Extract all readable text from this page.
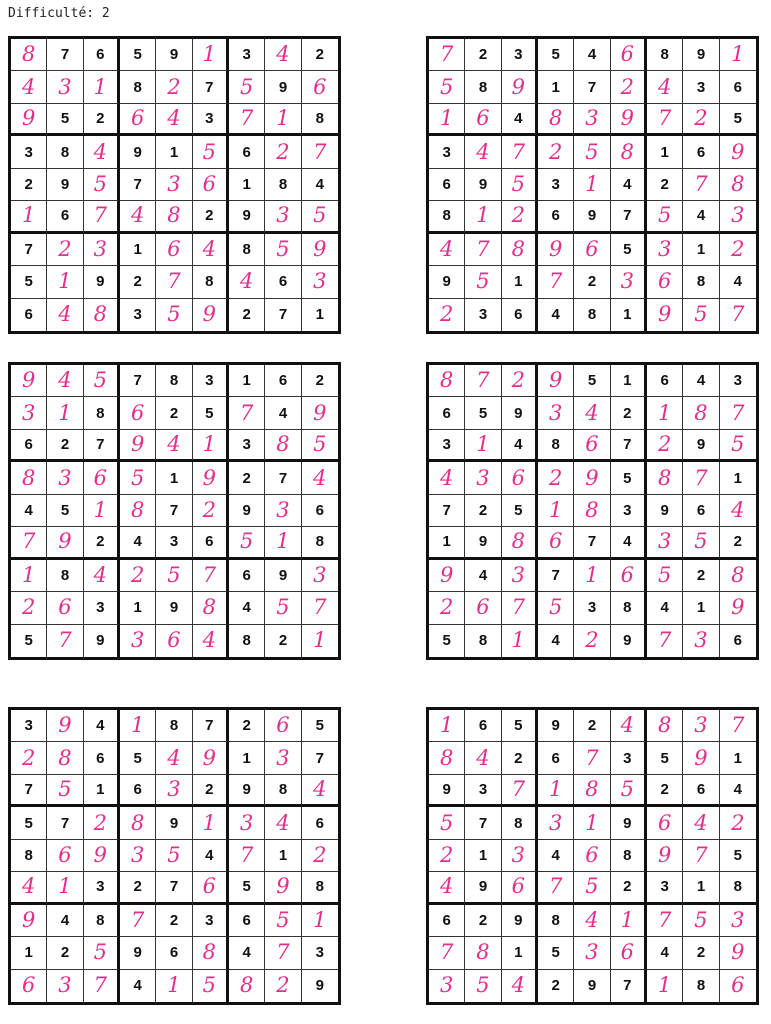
Difficulté: 2
8	7	6	5	9	1	3	4	2
4	3	1	8	2	7	5	9	6
9	5	2	6	4	3	7	1	8
3	8	4	9	1	5	6	2	7
2	9	5	7	3	6	1	8	4
1	6	7	4	8	2	9	3	5
7	2	3	1	6	4	8	5	9
5	1	9	2	7	8	4	6	3
6	4	8	3	5	9	2	7	1
7	2	3	5	4	6	8	9	1
5	8	9	1	7	2	4	3	6
1	6	4	8	3	9	7	2	5
3	4	7	2	5	8	1	6	9
6	9	5	3	1	4	2	7	8
8	1	2	6	9	7	5	4	3
4	7	8	9	6	5	3	1	2
9	5	1	7	2	3	6	8	4
2	3	6	4	8	1	9	5	7
9	4	5	7	8	3	1	6	2
3	1	8	6	2	5	7	4	9
6	2	7	9	4	1	3	8	5
8	3	6	5	1	9	2	7	4
4	5	1	8	7	2	9	3	6
7	9	2	4	3	6	5	1	8
1	8	4	2	5	7	6	9	3
2	6	3	1	9	8	4	5	7
5	7	9	3	6	4	8	2	1
8	7	2	9	5	1	6	4	3
6	5	9	3	4	2	1	8	7
3	1	4	8	6	7	2	9	5
4	3	6	2	9	5	8	7	1
7	2	5	1	8	3	9	6	4
1	9	8	6	7	4	3	5	2
9	4	3	7	1	6	5	2	8
2	6	7	5	3	8	4	1	9
5	8	1	4	2	9	7	3	6
3	9	4	1	8	7	2	6	5
2	8	6	5	4	9	1	3	7
7	5	1	6	3	2	9	8	4
5	7	2	8	9	1	3	4	6
8	6	9	3	5	4	7	1	2
4	1	3	2	7	6	5	9	8
9	4	8	7	2	3	6	5	1
1	2	5	9	6	8	4	7	3
6	3	7	4	1	5	8	2	9
1	6	5	9	2	4	8	3	7
8	4	2	6	7	3	5	9	1
9	3	7	1	8	5	2	6	4
5	7	8	3	1	9	6	4	2
2	1	3	4	6	8	9	7	5
4	9	6	7	5	2	3	1	8
6	2	9	8	4	1	7	5	3
7	8	1	5	3	6	4	2	9
3	5	4	2	9	7	1	8	6
